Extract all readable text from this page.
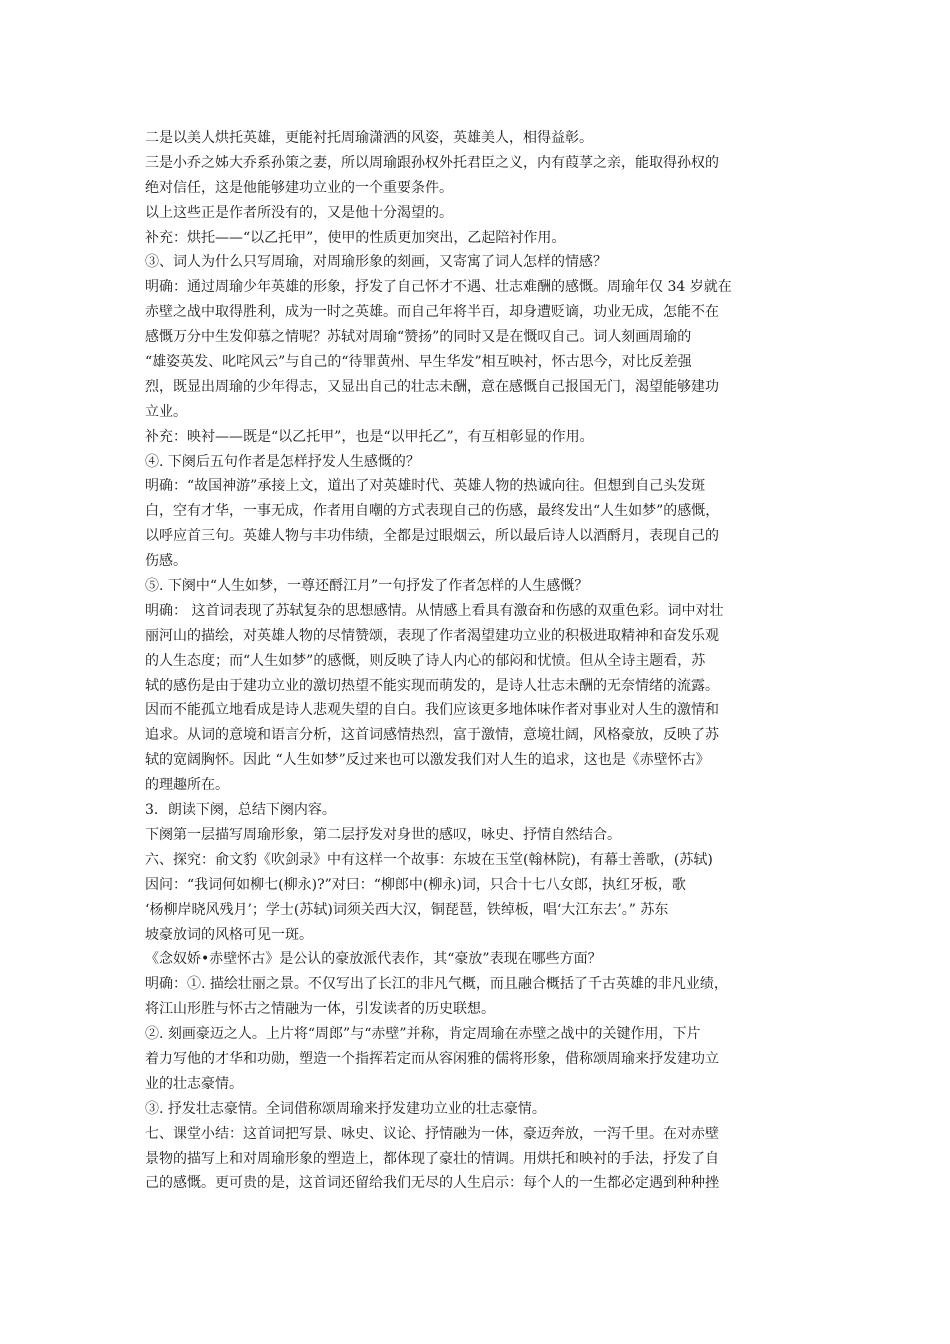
二是以美人烘托英雄，更能衬托周瑜潇洒的风姿，英雄美人，相得益彰。
三是小乔之姊大乔系孙策之妻，所以周瑜跟孙权外托君臣之义，内有葭莩之亲，能取得孙权的
绝对信任，这是他能够建功立业的一个重要条件。
以上这些正是作者所没有的，又是他十分渴望的。
补充：烘托——“以乙托甲”，使甲的性质更加突出，乙起陪衬作用。
③、词人为什么只写周瑜，对周瑜形象的刻画，又寄寓了词人怎样的情感？
明确：通过周瑜少年英雄的形象，抒发了自己怀才不遇、壮志难酬的感慨。周瑜年仅 34 岁就在
赤壁之战中取得胜利，成为一时之英雄。而自己年将半百，却身遭贬谪，功业无成，怎能不在
感慨万分中生发仰慕之情呢？苏轼对周瑜“赞扬”的同时又是在慨叹自己。词人刻画周瑜的
“雄姿英发、叱咤风云”与自己的“待罪黄州、早生华发”相互映衬，怀古思今，对比反差强
烈，既显出周瑜的少年得志，又显出自己的壮志未酬，意在感慨自己报国无门，渴望能够建功
立业。
补充：映衬——既是“以乙托甲”，也是“以甲托乙”，有互相彰显的作用。
④. 下阕后五句作者是怎样抒发人生感慨的？
明确：“故国神游”承接上文，道出了对英雄时代、英雄人物的热诚向往。但想到自己头发斑
白，空有才华，一事无成，作者用自嘲的方式表现自己的伤感，最终发出“人生如梦”的感慨，
以呼应首三句。英雄人物与丰功伟绩，全都是过眼烟云，所以最后诗人以酒酹月，表现自己的
伤感。
⑤. 下阕中“人生如梦，一尊还酹江月”一句抒发了作者怎样的人生感慨？
明确： 这首词表现了苏轼复杂的思想感情。从情感上看具有激奋和伤感的双重色彩。词中对壮
丽河山的描绘，对英雄人物的尽情赞颂，表现了作者渴望建功立业的积极进取精神和奋发乐观
的人生态度；而“人生如梦”的感慨，则反映了诗人内心的郁闷和忧愤。但从全诗主题看，苏
轼的感伤是由于建功立业的激切热望不能实现而萌发的，是诗人壮志未酬的无奈情绪的流露。
因而不能孤立地看成是诗人悲观失望的自白。我们应该更多地体味作者对事业对人生的激情和
追求。从词的意境和语言分析，这首词感情热烈，富于激情，意境壮阔，风格豪放，反映了苏
轼的宽阔胸怀。因此 “人生如梦”反过来也可以激发我们对人生的追求，这也是《赤壁怀古》
的理趣所在。
3．朗读下阕，总结下阕内容。
下阕第一层描写周瑜形象，第二层抒发对身世的感叹，咏史、抒情自然结合。
六、探究：俞文豹《吹剑录》中有这样一个故事：东坡在玉堂(翰林院)，有幕士善歌，(苏轼)
因问：“我词何如柳七(柳永)?”对曰：“柳郎中(柳永)词，只合十七八女郎，执红牙板，歌
‘杨柳岸晓风残月’；学士(苏轼)词须关西大汉，铜琵琶，铁绰板，唱‘大江东去’。” 苏东
坡豪放词的风格可见一斑。
《念奴娇•赤壁怀古》是公认的豪放派代表作，其“豪放”表现在哪些方面？
明确：①. 描绘壮丽之景。不仅写出了长江的非凡气概，而且融合概括了千古英雄的非凡业绩，
将江山形胜与怀古之情融为一体，引发读者的历史联想。
②. 刻画豪迈之人。上片将“周郎”与“赤壁”并称，肯定周瑜在赤壁之战中的关键作用，下片
着力写他的才华和功勋，塑造一个指挥若定而从容闲雅的儒将形象，借称颂周瑜来抒发建功立
业的壮志豪情。
③. 抒发壮志豪情。全词借称颂周瑜来抒发建功立业的壮志豪情。
七、课堂小结：这首词把写景、咏史、议论、抒情融为一体，豪迈奔放，一泻千里。在对赤壁
景物的描写上和对周瑜形象的塑造上，都体现了豪壮的情调。用烘托和映衬的手法，抒发了自
己的感慨。更可贵的是，这首词还留给我们无尽的人生启示：每个人的一生都必定遇到种种挫
